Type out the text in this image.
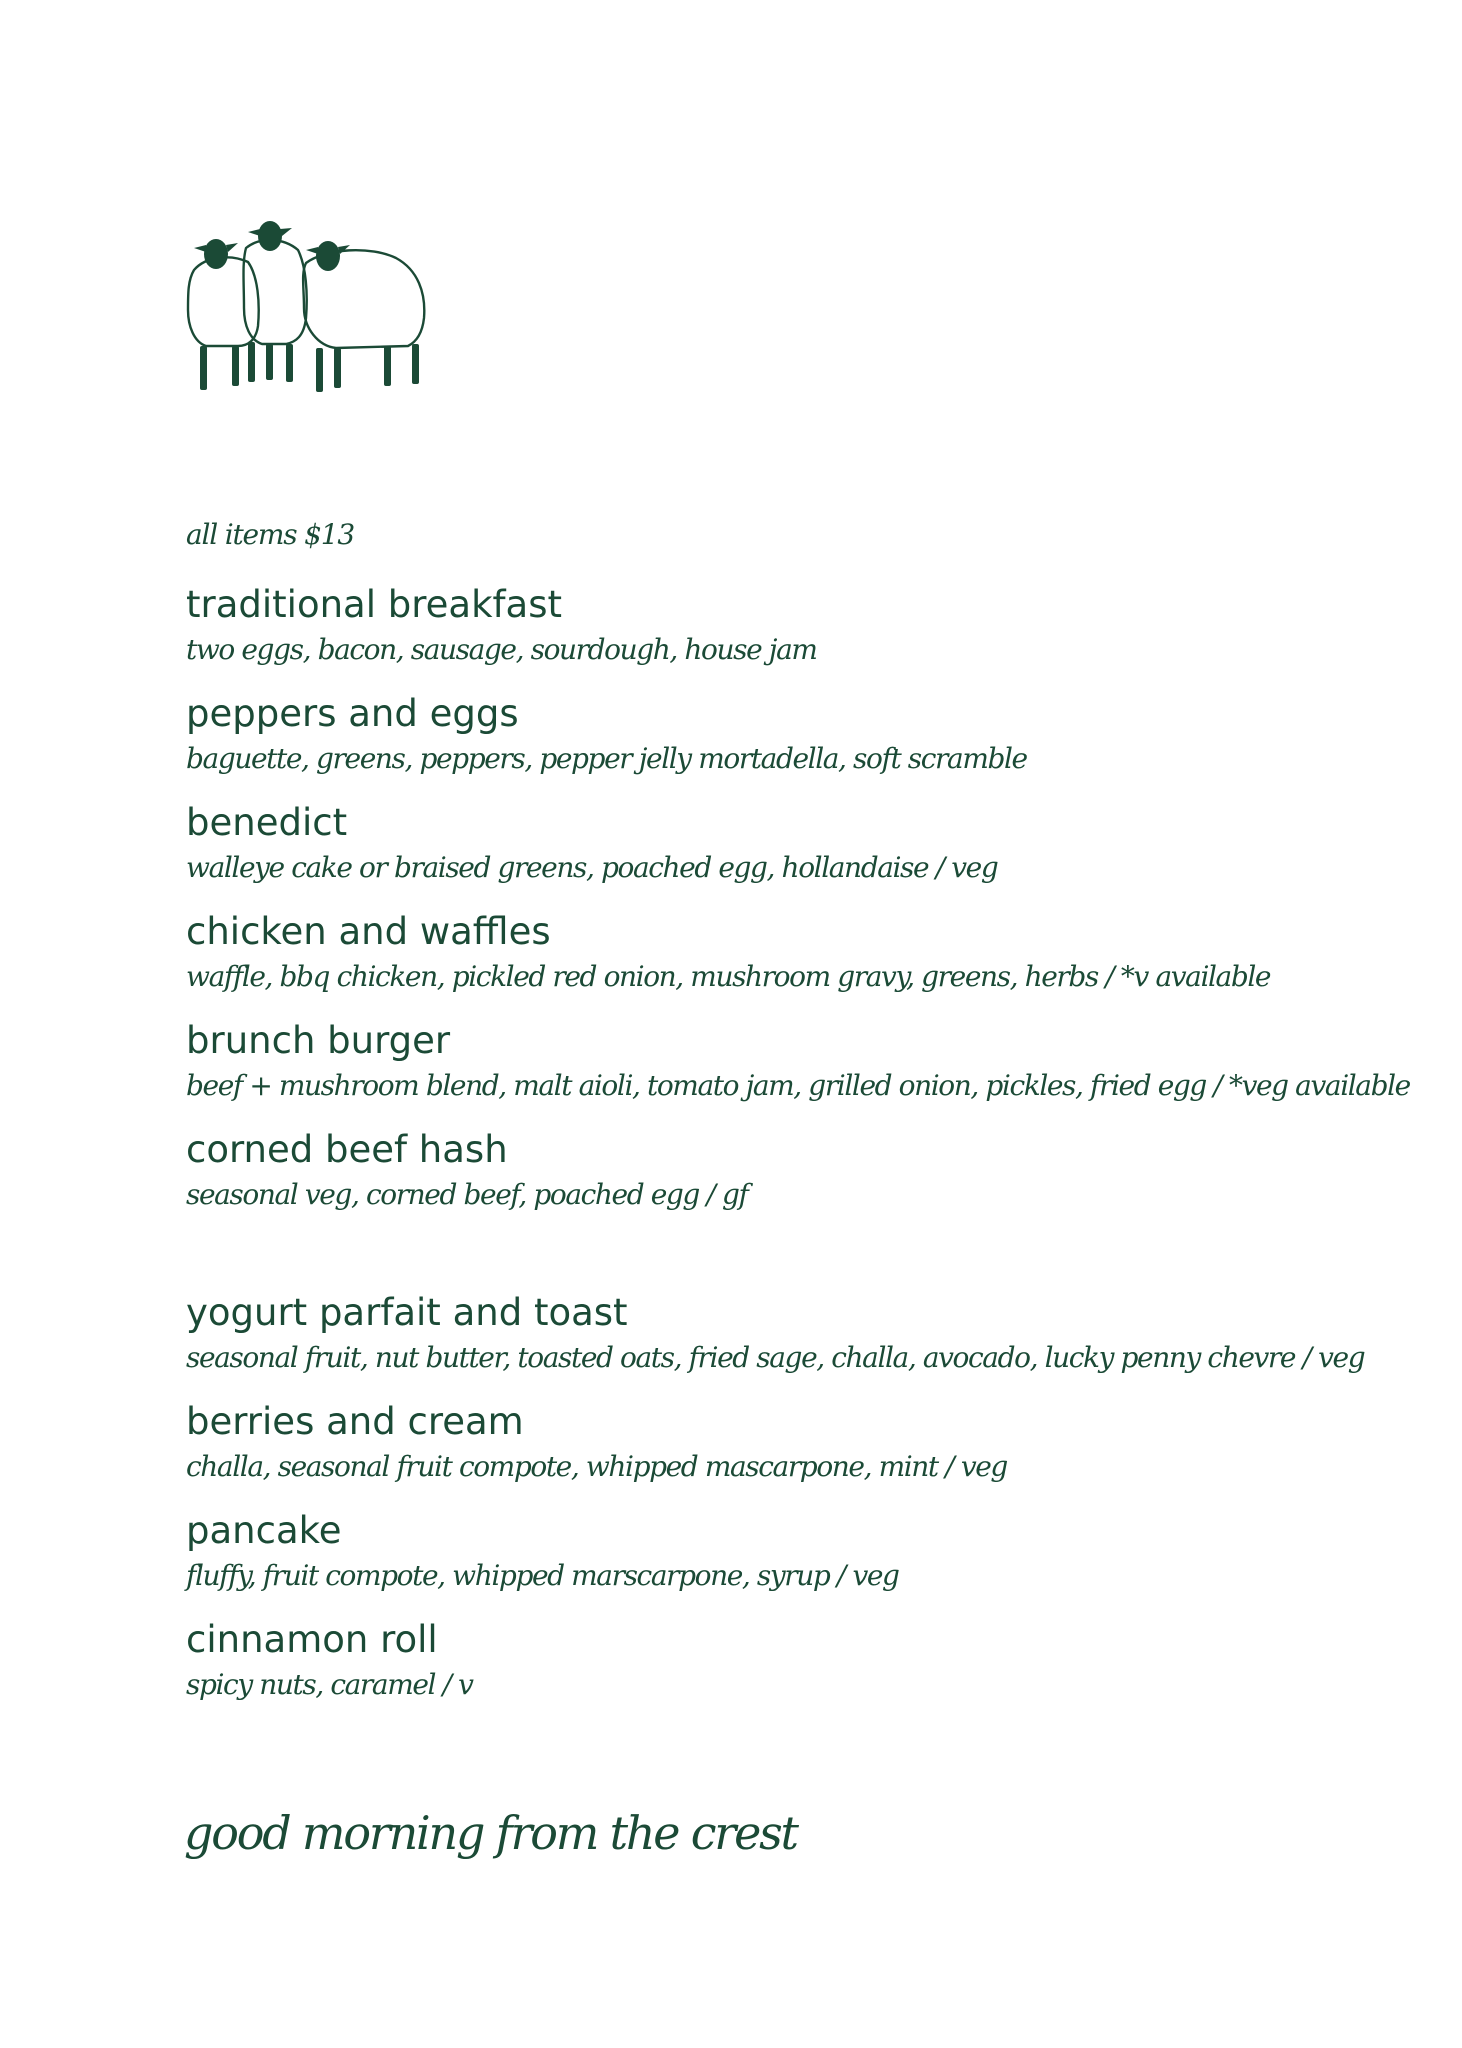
all items $13
traditional breakfast
two eggs, bacon, sausage, sourdough, house jam
peppers and eggs
baguette, greens, peppers, pepper jelly mortadella, soft scramble
benedict
walleye cake or braised greens, poached egg, hollandaise / veg
chicken and waffles
waffle, bbq chicken, pickled red onion, mushroom gravy, greens, herbs / *v available
brunch burger
beef + mushroom blend, malt aioli, tomato jam, grilled onion, pickles, fried egg / *veg available
corned beef hash
seasonal veg, corned beef, poached egg / gf
yogurt parfait and toast
seasonal fruit, nut butter, toasted oats, fried sage, challa, avocado, lucky penny chevre / veg
berries and cream
challa, seasonal fruit compote, whipped mascarpone, mint / veg
pancake
fluffy, fruit compote, whipped marscarpone, syrup / veg
cinnamon roll
spicy nuts, caramel / v
good morning from the crest
